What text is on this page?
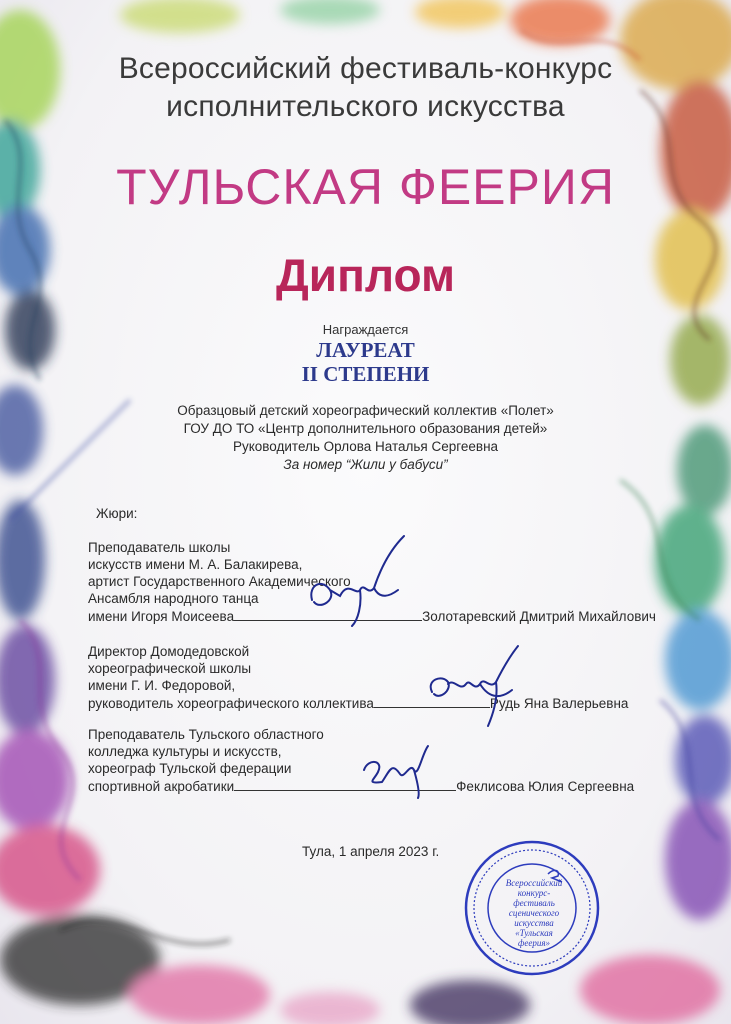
Всероссийский фестиваль-конкурс
исполнительского искусства
ТУЛЬСКАЯ ФЕЕРИЯ
Диплом
Награждается
ЛАУРЕАТ
II СТЕПЕНИ
Образцовый детский хореографический коллектив «Полет»
ГОУ ДО ТО «Центр дополнительного образования детей»
Руководитель Орлова Наталья Сергеевна
За номер “Жили у бабуси”
Жюри:
Преподаватель школы
искусств имени М. А. Балакирева,
артист Государственного Академического
Ансамбля народного танца
имени Игоря Моисеева	Золотаревский Дмитрий Михайлович
Директор Домодедовской
хореографической школы
имени Г. И. Федоровой,
руководитель хореографического коллектива	Рудь Яна Валерьевна
Преподаватель Тульского областного
колледжа культуры и искусств,
хореограф Тульской федерации
спортивной акробатики	Феклисова Юлия Сергеевна
Тула, 1 апреля 2023 г.
Всероссийский конкурс-фестиваль сценического искусства «Тульская феерия»
